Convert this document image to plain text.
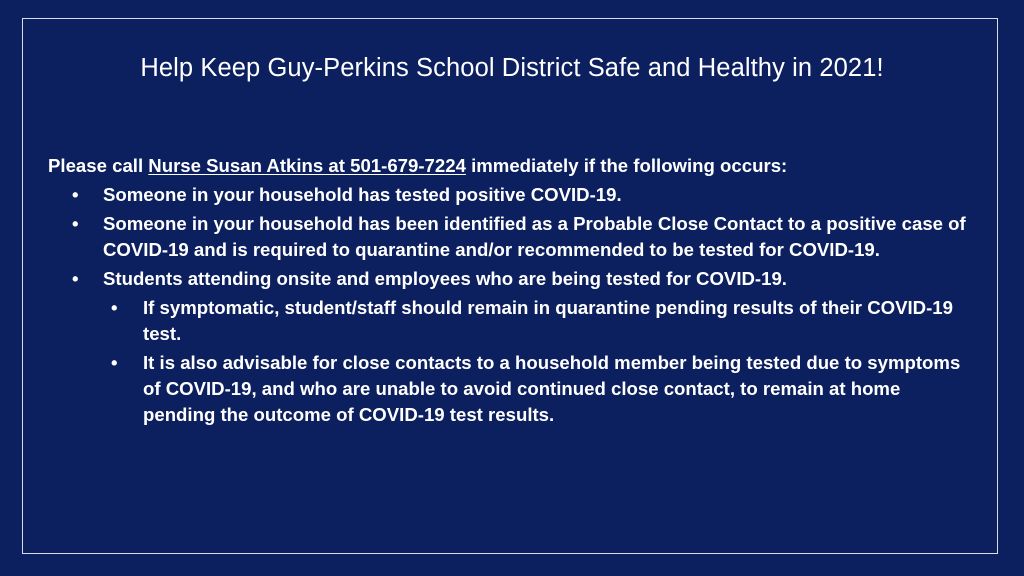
Help Keep Guy-Perkins School District Safe and Healthy in 2021!

Please call Nurse Susan Atkins at 501-679-7224 immediately if the following occurs:

• Someone in your household has tested positive COVID-19.
• Someone in your household has been identified as a Probable Close Contact to a positive case of COVID-19 and is required to quarantine and/or recommended to be tested for COVID-19.
• Students attending onsite and employees who are being tested for COVID-19.
• If symptomatic, student/staff should remain in quarantine pending results of their COVID-19 test.
• It is also advisable for close contacts to a household member being tested due to symptoms of COVID-19, and who are unable to avoid continued close contact, to remain at home pending the outcome of COVID-19 test results.
